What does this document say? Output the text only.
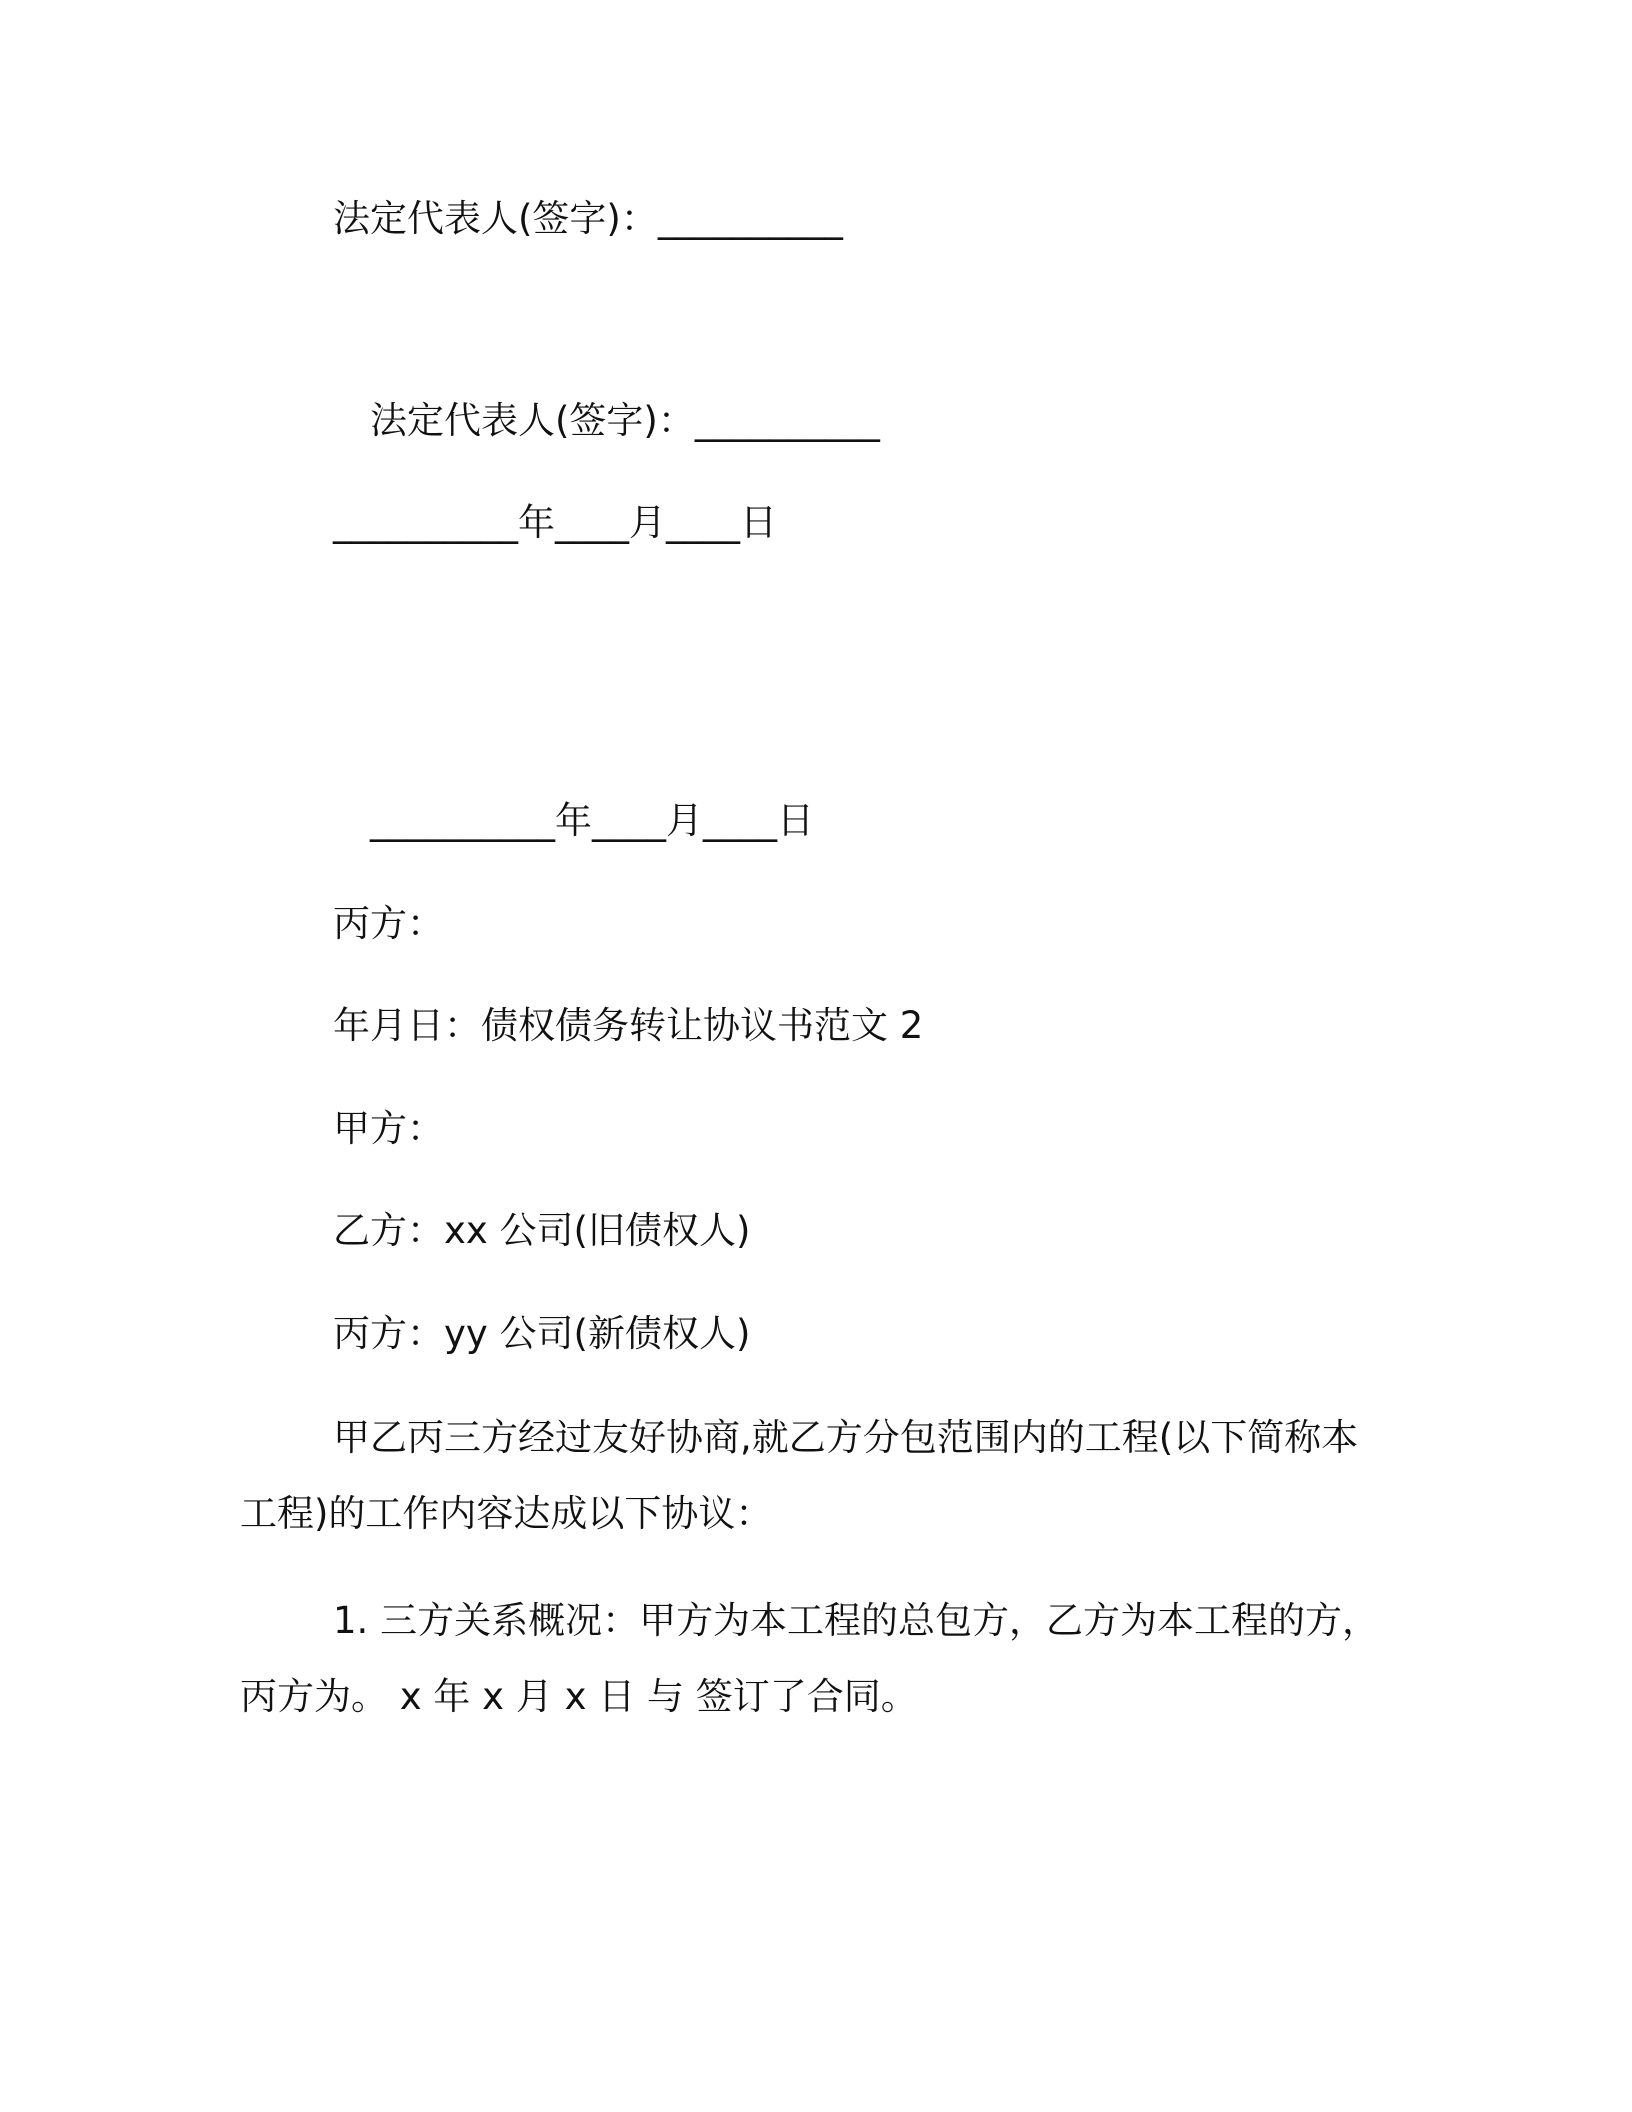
法定代表人(签字)：__________
法定代表人(签字)：__________
__________年____月____日
__________年____月____日
丙方：
年月日：债权债务转让协议书范文 2
甲方：
乙方：xx 公司(旧债权人)
丙方：yy 公司(新债权人)
甲乙丙三方经过友好协商,就乙方分包范围内的工程(以下简称本工程)的工作内容达成以下协议：
1. 三方关系概况：甲方为本工程的总包方，乙方为本工程的方，丙方为。 x 年 x 月 x 日 与 签订了合同。
